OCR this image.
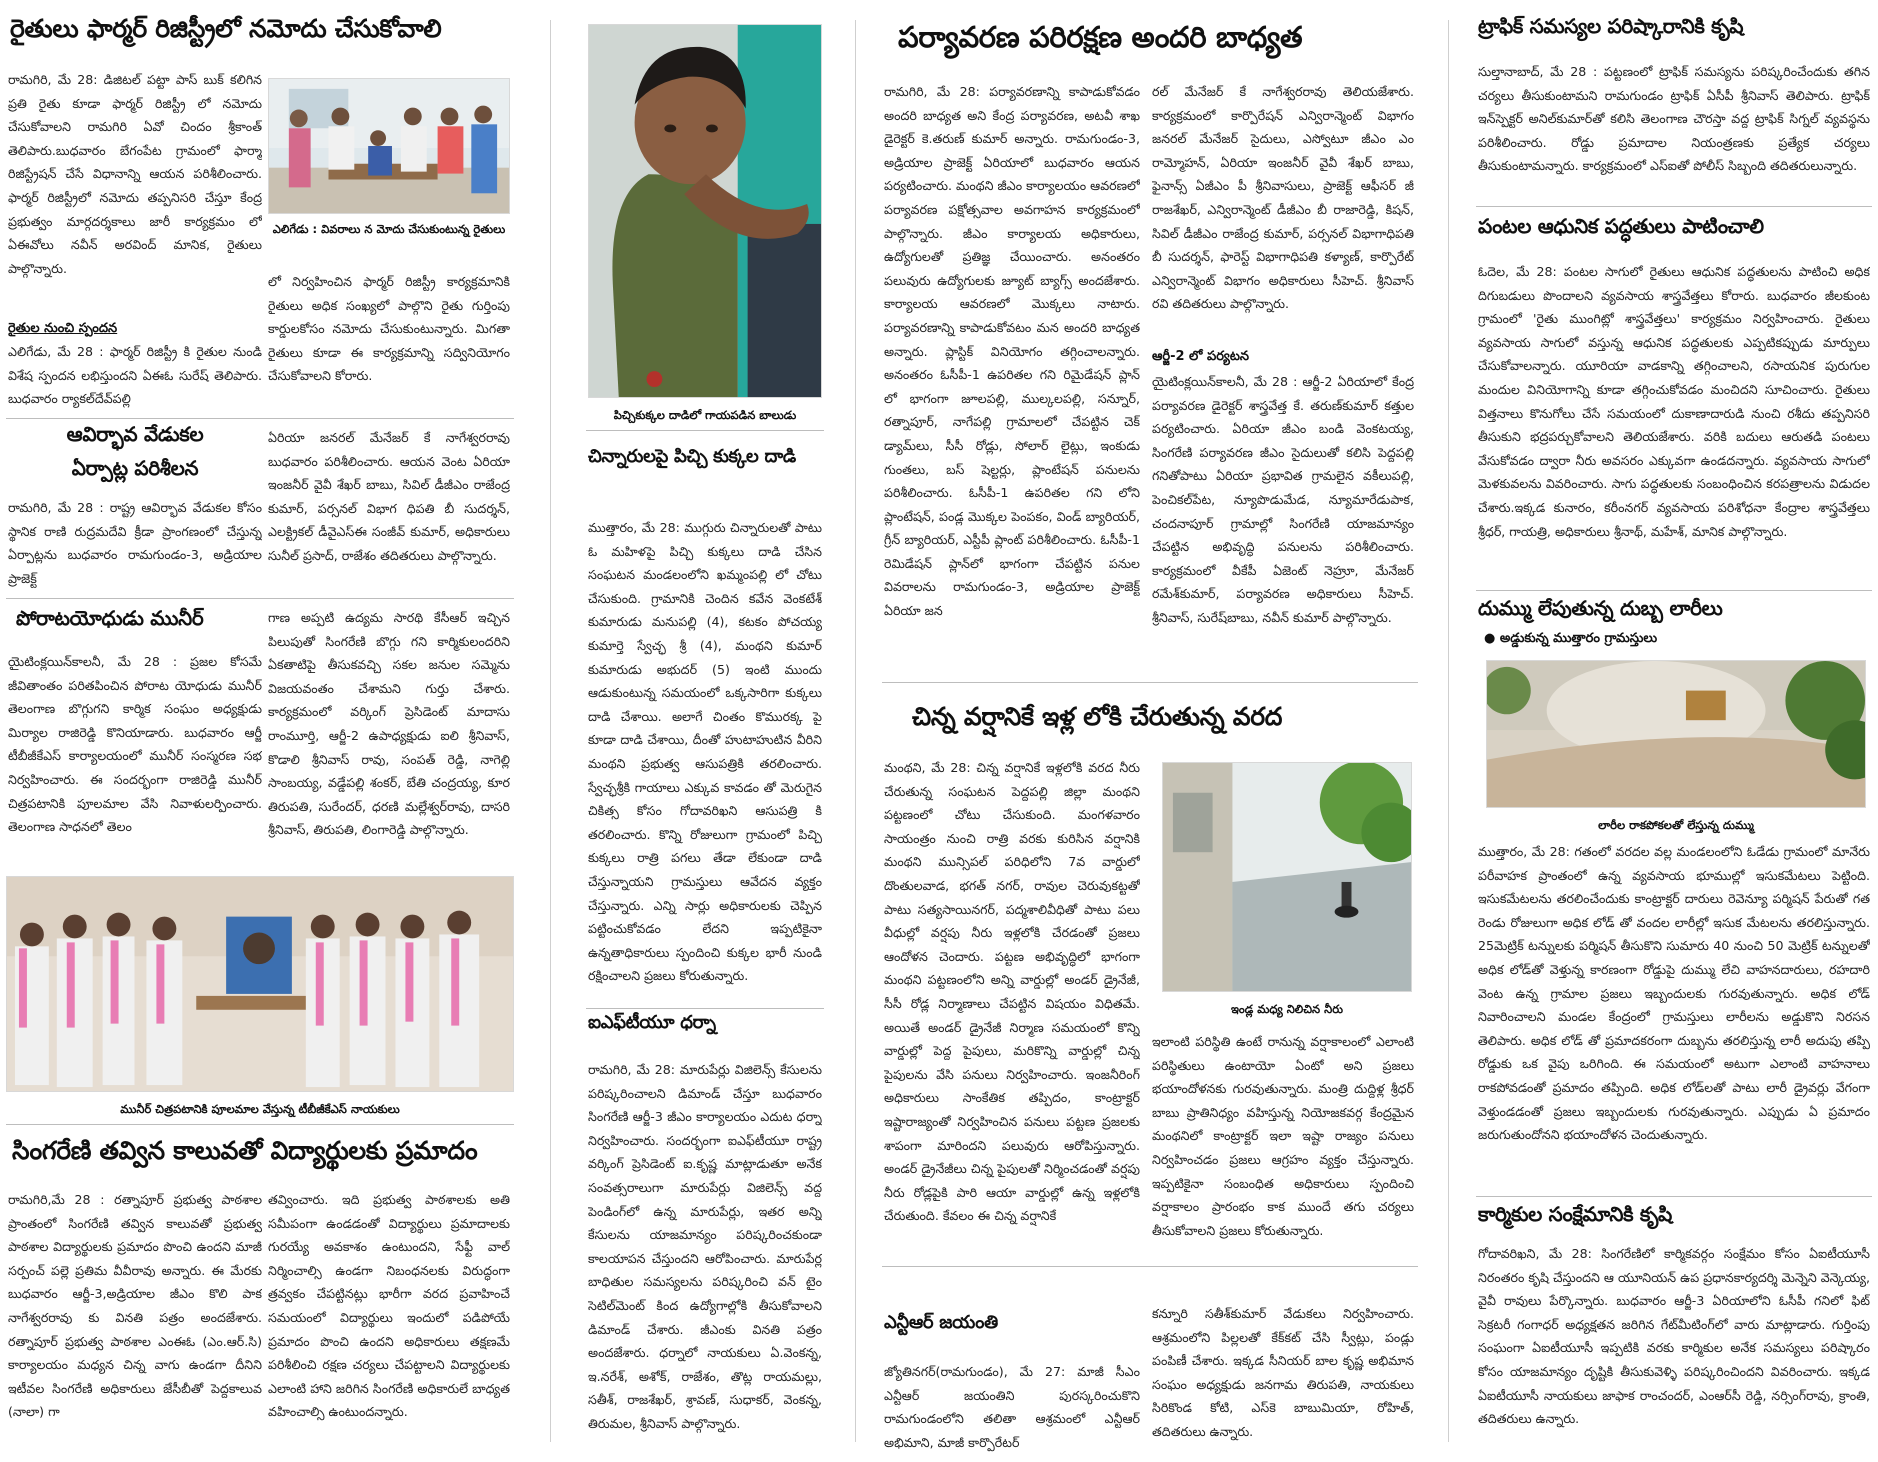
రైతులు ఫార్మర్ రిజిస్ట్రీలో నమోదు చేసుకోవాలి
రామగిరి, మే 28: డిజిటల్ పట్టా పాస్ బుక్ కలిగిన ప్రతి రైతు కూడా ఫార్మర్ రిజిస్ట్రీ లో నమోదు చేసుకోవాలని రామగిరి ఏవో చిందం శ్రీకాంత్ తెలిపారు.బుధవారం బేగంపేట గ్రామంలో ఫార్మా రిజిస్ట్రేషన్ చేసే విధానాన్ని ఆయన పరిశీలించారు. ఫార్మర్ రిజిస్ట్రీలో నమోదు తప్పనిసరి చేస్తూ కేంద్ర ప్రభుత్వం మార్గదర్శకాలు జారీ కార్యక్రమం లో ఏఈవోలు నవీన్ అరవింద్ మానిక, రైతులు పాల్గొన్నారు.
ఎలిగేడు : వివరాలు న మోదు చేసుకుంటున్న రైతులు
రైతుల నుంచి స్పందన
ఎలిగేడు, మే 28 : ఫార్మర్ రిజిస్ట్రీ కి రైతుల నుండి విశేష స్పందన లభిస్తుందని ఏఈఓ సురేష్ తెలిపారు. బుధవారం ర్యాకల్‌దేవ్‌పల్లి
లో నిర్వహించిన ఫార్మర్ రిజిస్ట్రీ కార్యక్రమానికి రైతులు అధిక సంఖ్యలో పాల్గొని రైతు గుర్తింపు కార్డులకోసం నమోదు చేసుకుంటున్నారు. మిగతా రైతులు కూడా ఈ కార్యక్రమాన్ని సద్వినియోగం చేసుకోవాలని కోరారు.
ఆవిర్భావ వేడుకల
ఏర్పాట్ల పరిశీలన
రామగిరి, మే 28 : రాష్ట్ర ఆవిర్భావ వేడుకల కోసం స్థానిక రాణి రుద్రమదేవి క్రీడా ప్రాంగణంలో చేస్తున్న ఏర్పాట్లను బుధవారం రామగుండం-3, అడ్రియాల ప్రాజెక్ట్
ఏరియా జనరల్ మేనేజర్ కే నాగేశ్వరరావు బుధవారం పరిశీలించారు. ఆయన వెంట ఏరియా ఇంజనీర్ వైవీ శేఖర్ బాబు, సివిల్ డీజీఎం రాజేంద్ర కుమార్, పర్సనల్ విభాగ ధిపతి బీ సుదర్శన్, ఎలక్ట్రికల్ డీవైఎస్ఈ సంజీవ్ కుమార్, అధికారులు సునీల్ ప్రసాద్, రాజేశం తదితరులు పాల్గొన్నారు.
పోరాటయోధుడు మునీర్
యైటింక్లయిన్‌కాలనీ, మే 28 : ప్రజల కోసమే జీవితాంతం పరితపించిన పోరాట యోధుడు మునీర్ తెలంగాణ బొగ్గుగని కార్మిక సంఘం అధ్యక్షుడు మిర్యాల రాజిరెడ్డి కొనియాడారు. బుధవారం ఆర్జీ టీబీజీకేఎస్ కార్యాలయంలో మునీర్ సంస్మరణ సభ నిర్వహించారు. ఈ సందర్భంగా రాజిరెడ్డి మునీర్ చిత్రపటానికి పూలమాల వేసి నివాళులర్పించారు. తెలంగాణ సాధనలో తెలం
గాణ అప్పటి ఉద్యమ సారథి కేసీఆర్ ఇచ్చిన పిలుపుతో సింగరేణి బొగ్గు గని కార్మికులందరిని ఏకతాటిపై తీసుకవచ్చి సకల జనుల సమ్మెను విజయవంతం చేశామని గుర్తు చేశారు. కార్యక్రమంలో వర్కింగ్ ప్రెసిడెంట్ మాదాసు రాంమూర్తి, ఆర్జీ-2 ఉపాధ్యక్షుడు ఐలి శ్రీనివాస్, కొడాలి శ్రీనివాస్ రావు, సంపత్ రెడ్డి, నాగెల్లి సాంబయ్య, వడ్డేపల్లి శంకర్, బేతి చంద్రయ్య, కూర తిరుపతి, సురేందర్, ధరణి మల్లేశ్వర్‌రావు, దాసరి శ్రీనివాస్, తిరుపతి, లింగారెడ్డి పాల్గొన్నారు.
మునీర్ చిత్రపటానికి పూలమాల వేస్తున్న టీబీజీకేఎస్ నాయకులు
సింగరేణి తవ్విన కాలువతో విద్యార్థులకు ప్రమాదం
రామగిరి,మే 28 : రత్నాపూర్ ప్రభుత్వ పాఠశాల ప్రాంతంలో సింగరేణి తవ్విన కాలువతో ప్రభుత్వ పాఠశాల విద్యార్థులకు ప్రమాదం పొంచి ఉందని మాజీ సర్పంచ్ పల్లె ప్రతిమ వీవీరావు అన్నారు. ఈ మేరకు బుధవారం ఆర్జీ-3,అడ్రియాల జీఎం కొలి పాక నాగేశ్వరరావు కు వినతి పత్రం అందజేశారు. రత్నాపూర్ ప్రభుత్వ పాఠశాల ఎంఈఓ (ఎం.ఆర్.సి) కార్యాలయం మధ్యన చిన్న వాగు ఉండగా దీనిని ఇటీవల సింగరేణి అధికారులు జేసీబీతో పెద్దకాలువ (నాలా) గా
తవ్వించారు. ఇది ప్రభుత్వ పాఠశాలకు అతి సమీపంగా ఉండడంతో విద్యార్థులు ప్రమాదాలకు గురయ్యే అవకాశం ఉంటుందని, సేఫ్టీ వాల్ నిర్మించాల్సి ఉండగా నిబంధనలకు విరుద్ధంగా త్రవ్వకం చేపట్టినట్లు భారీగా వరద ప్రవాహించే సమయంలో విద్యార్థులు ఇందులో పడిపోయే ప్రమాదం పొంచి ఉందని అధికారులు తక్షణమే పరిశీలించి రక్షణ చర్యలు చేపట్టాలని విద్యార్థులకు ఎలాంటి హాని జరిగిన సింగరేణి అధికారులే బాధ్యత వహించాల్సి ఉంటుందన్నారు.
పిచ్చికుక్కల దాడిలో గాయపడిన బాలుడు
చిన్నారులపై పిచ్చి కుక్కల దాడి
ముత్తారం, మే 28: ముగ్గురు చిన్నారులతో పాటు ఓ మహిళపై పిచ్చి కుక్కలు దాడి చేసిన సంఘటన మండలంలోని ఖమ్మంపల్లి లో చోటు చేసుకుంది. గ్రామానికి చెందిన కవేన వెంకటేశ్ కుమారుడు మనుపల్లి (4), కటకం పోచయ్య కుమార్తె స్వేచ్ఛ శ్రీ (4), మంథని కుమార్ కుమారుడు అభుదర్ (5) ఇంటి ముందు ఆడుకుంటున్న సమయంలో ఒక్కసారిగా కుక్కలు దాడి చేశాయి. అలాగే చింతం కొమురక్క పై కూడా దాడి చేశాయి, దీంతో హుటాహుటిన వీరిని మంథని ప్రభుత్వ ఆసుపత్రికి తరలించారు. స్వేచ్ఛశ్రీకి గాయాలు ఎక్కువ కావడం తో మెరుగైన చికిత్స కోసం గోదావరిఖని ఆసుపత్రి కి తరలించారు. కొన్ని రోజులుగా గ్రామంలో పిచ్చి కుక్కలు రాత్రి పగలు తేడా లేకుండా దాడి చేస్తున్నాయని గ్రామస్తులు ఆవేదన వ్యక్తం చేస్తున్నారు. ఎన్ని సార్లు అధికారులకు చెప్పిన పట్టించుకోవడం లేదని ఇప్పటికైనా ఉన్నతాధికారులు స్పందించి కుక్కల భారీ నుండి రక్షించాలని ప్రజలు కోరుతున్నారు.
ఐఎఫ్‌టీయూ ధర్నా
రామగిరి, మే 28: మారుపేర్లు విజిలెన్స్ కేసులను పరిష్కరించాలని డిమాండ్ చేస్తూ బుధవారం సింగరేణి ఆర్జీ-3 జీఎం కార్యాలయం ఎదుట ధర్నా నిర్వహించారు. సందర్భంగా ఐఎఫ్‌టీయూ రాష్ట్ర వర్కింగ్ ప్రెసిడెంట్ ఐ.కృష్ణ మాట్లాడుతూ అనేక సంవత్సరాలుగా మారుపేర్లు విజిలెన్స్ వద్ద పెండింగ్‌లో ఉన్న మారుపేర్లు, ఇతర అన్ని కేసులను యాజమాన్యం పరిష్కరించకుండా కాలయాపన చేస్తుందని ఆరోపించారు. మారుపేర్ల బాధితుల సమస్యలను పరిష్కరించి వన్ టైం సెటిల్‌మెంట్ కింద ఉద్యోగాల్లోకి తీసుకోవాలని డిమాండ్ చేశారు. జీఎంకు వినతి పత్రం అందజేశారు. ధర్నాలో నాయకులు ఏ.వెంకన్న, ఇ.నరేశ్, అశోక్, రాజేశం, తొట్ల రాయమల్లు, సతీశ్, రాజశేఖర్, శ్రావణ్, సుధాకర్, వెంకన్న, తిరుమల, శ్రీనివాస్ పాల్గొన్నారు.
పర్యావరణ పరిరక్షణ అందరి బాధ్యత
రామగిరి, మే 28: పర్యావరణాన్ని కాపాడుకోవడం అందరి బాధ్యత అని కేంద్ర పర్యావరణ, అటవీ శాఖ డైరెక్టర్ కె.తరుణ్ కుమార్ అన్నారు. రామగుండం-3, అడ్రియాల ప్రాజెక్ట్ ఏరియాలో బుధవారం ఆయన పర్యటించారు. మంథని జీఎం కార్యాలయం ఆవరణలో పర్యావరణ పక్షోత్సవాల అవగాహన కార్యక్రమంలో పాల్గొన్నారు. జీఎం కార్యాలయ అధికారులు, ఉద్యోగులతో ప్రతిజ్ఞ చేయించారు. అనంతరం పలువురు ఉద్యోగులకు జ్యూట్ బ్యాగ్స్ అందజేశారు. కార్యాలయ ఆవరణలో మొక్కలు నాటారు. పర్యావరణాన్ని కాపాడుకోవటం మన అందరి బాధ్యత అన్నారు. ప్లాస్టిక్ వినియోగం తగ్గించాలన్నారు. అనంతరం ఓసీపీ-1 ఉపరితల గని రిమైడేషన్ ప్లాన్ లో భాగంగా జూలపల్లి, ముల్కలపల్లి, సన్నూర్, రత్నాపూర్, నాగేపల్లి గ్రామాలలో చేపట్టిన చెక్ డ్యామ్‌లు, సీసీ రోడ్లు, సోలార్ లైట్లు, ఇంకుడు గుంతలు, బస్ షెల్టర్లు, ప్లాంటేషన్ పనులను పరిశీలించారు. ఓసీపీ-1 ఉపరితల గని లోని ప్లాంటేషన్, పండ్ల మొక్కల పెంపకం, విండ్ బ్యారియర్, గ్రీన్ బ్యారియర్, ఎస్టీపీ ప్లాంట్ పరిశీలించారు. ఓసీపీ-1 రెమిడేషన్ ప్లాన్‌లో భాగంగా చేపట్టిన పనుల వివరాలను రామగుండం-3, అడ్రియాల ప్రాజెక్ట్ ఏరియా జన
రల్ మేనేజర్ కే నాగేశ్వరరావు తెలియజేశారు. కార్యక్రమంలో కార్పొరేషన్ ఎన్విరాన్మెంట్ విభాగం జనరల్ మేనేజర్ సైదులు, ఎస్వోటూ జీఎం ఎం రామ్మోహన్, ఏరియా ఇంజనీర్ వైవీ శేఖర్ బాబు, ఫైనాన్స్ ఏజీఎం పీ శ్రీనివాసులు, ప్రాజెక్ట్ ఆఫీసర్ జీ రాజశేఖర్, ఎన్విరాన్మెంట్ డీజీఎం బీ రాజారెడ్డి, కిషన్, సివిల్ డీజీఎం రాజేంద్ర కుమార్, పర్సనల్ విభాగాధిపతి బీ సుదర్శన్, ఫారెస్ట్ విభాగాధిపతి కళ్యాణ్, కార్పొరేట్ ఎన్విరాన్మెంట్ విభాగం అధికారులు సీహెచ్. శ్రీనివాస్ రవి తదితరులు పాల్గొన్నారు.
ఆర్జీ-2 లో పర్యటన
యైటింక్లయిన్‌కాలనీ, మే 28 : ఆర్జీ-2 ఏరియాలో కేంద్ర పర్యావరణ డైరెక్టర్ శాస్త్రవేత్త కే. తరుణ్‌కుమార్ కత్తుల పర్యటించారు. ఏరియా జీఎం బండి వెంకటయ్య, సింగరేణి పర్యావరణ జీఎం సైదులుతో కలిసి పెద్దపల్లి గనితోపాటు ఏరియా ప్రభావిత గ్రామలైన వకీలుపల్లి, పెంచికల్‌పేట, న్యూపొడుమేడ, న్యూమారేడుపాక, చందనాపూర్ గ్రామాల్లో సింగరేణి యాజమాన్యం చేపట్టిన అభివృద్ధి పనులను పరిశీలించారు. కార్యక్రమంలో వీకేపీ ఏజెంట్ నెహ్రూ, మేనేజర్ రమేశ్‌కుమార్, పర్యావరణ అధికారులు సీహెచ్. శ్రీనివాస్, సురేష్‌బాబు, నవీన్ కుమార్ పాల్గొన్నారు.
చిన్న వర్షానికే ఇళ్ల లోకి చేరుతున్న వరద
మంథని, మే 28: చిన్న వర్షానికే ఇళ్లలోకి వరద నీరు చేరుతున్న సంఘటన పెద్దపల్లి జిల్లా మంథని పట్టణంలో చోటు చేసుకుంది. మంగళవారం సాయంత్రం నుంచి రాత్రి వరకు కురిసిన వర్షానికి మంథని మున్సిపల్ పరిధిలోని 7వ వార్డులో దొంతులవాడ, భగత్ నగర్, రావుల చెరువుకట్టతో పాటు సత్యసాయినగర్, పద్మశాలివీధితో పాటు పలు వీధుల్లో వర్షపు నీరు ఇళ్లలోకి చేరడంతో ప్రజలు ఆందోళన చెందారు. పట్టణ అభివృద్ధిలో భాగంగా మంథని పట్టణంలోని అన్ని వార్డుల్లో అండర్ డ్రైనేజీ, సీసీ రోడ్ల నిర్మాణాలు చేపట్టిన విషయం విధితమే. అయితే అండర్ డ్రైనేజీ నిర్మాణ సమయంలో కొన్ని వార్డుల్లో పెద్ద పైపులు, మరికొన్ని వార్డుల్లో చిన్న పైపులను వేసి పనులు నిర్వహించారు. ఇంజనీరింగ్ అధికారులు సాంకేతిక తప్పిదం, కాంట్రాక్టర్ ఇష్టారాజ్యంతో నిర్వహించిన పనులు పట్టణ ప్రజలకు శాపంగా మారిందని పలువురు ఆరోపిస్తున్నారు. అండర్ డ్రైనేజీలు చిన్న పైపులతో నిర్మించడంతో వర్షపు నీరు రోడ్లపైకి పారి ఆయా వార్డుల్లో ఉన్న ఇళ్లలోకి చేరుతుంది. కేవలం ఈ చిన్న వర్షానికే
ఇండ్ల మధ్య నిలిచిన నీరు
ఇలాంటి పరిస్థితి ఉంటే రానున్న వర్షాకాలంలో ఎలాంటి పరిస్థితులు ఉంటాయో ఏంటో అని ప్రజలు భయాందోళనకు గురవుతున్నారు. మంత్రి దుద్దిళ్ల శ్రీధర్ బాబు ప్రాతినిధ్యం వహిస్తున్న నియోజకవర్గ కేంద్రమైన మంథనిలో కాంట్రాక్టర్ ఇలా ఇష్టా రాజ్యం పనులు నిర్వహించడం ప్రజలు ఆగ్రహం వ్యక్తం చేస్తున్నారు. ఇప్పటికైనా సంబంధిత అధికారులు స్పందించి వర్షాకాలం ప్రారంభం కాక ముందే తగు చర్యలు తీసుకోవాలని ప్రజలు కోరుతున్నారు.
ఎన్టీఆర్ జయంతి
జ్యోతినగర్(రామగుండం), మే 27: మాజీ సీఎం ఎన్టీఆర్ జయంతిని పురస్కరించుకొని రామగుండంలోని తలితా ఆశ్రమంలో ఎన్టీఆర్ అభిమాని, మాజీ కార్పొరేటర్
కన్నూరి సతీశ్‌కుమార్ వేడుకలు నిర్వహించారు. ఆశ్రమంలోని పిల్లలతో కేక్‌కట్ చేసి స్వీట్లు, పండ్లు పంపిణీ చేశారు. ఇక్కడ సీనియర్ బాల కృష్ణ అభిమాన సంఘం అధ్యక్షుడు జనగామ తిరుపతి, నాయకులు సిరికొండ కోటి, ఎస్‌కె బాబుమియా, రోహిత్, తదితరులు ఉన్నారు.
ట్రాఫిక్ సమస్యల పరిష్కారానికి కృషి
సుల్తానాబాద్, మే 28 : పట్టణంలో ట్రాఫిక్ సమస్యను పరిష్కరించేందుకు తగిన చర్యలు తీసుకుంటామని రామగుండం ట్రాఫిక్ ఏసీపీ శ్రీనివాస్ తెలిపారు. ట్రాఫిక్ ఇన్‌స్పెక్టర్ అనిల్‌కుమార్‌తో కలిసి తెలంగాణ చౌరస్తా వద్ద ట్రాఫిక్ సిగ్నల్ వ్యవస్థను పరిశీలించారు. రోడ్డు ప్రమాదాల నియంత్రణకు ప్రత్యేక చర్యలు తీసుకుంటామన్నారు. కార్యక్రమంలో ఎస్ఐతో పోలీస్ సిబ్బంది తదితరులున్నారు.
పంటల ఆధునిక పద్ధతులు పాటించాలి
ఓదెల, మే 28: పంటల సాగులో రైతులు ఆధునిక పద్ధతులను పాటించి అధిక దిగుబడులు పొందాలని వ్యవసాయ శాస్త్రవేత్తలు కోరారు. బుధవారం జీలకుంట గ్రామంలో 'రైతు ముంగిట్లో శాస్త్రవేత్తలు' కార్యక్రమం నిర్వహించారు. రైతులు వ్యవసాయ సాగులో వస్తున్న ఆధునిక పద్ధతులకు ఎప్పటికప్పుడు మార్పులు చేసుకోవాలన్నారు. యూరియా వాడకాన్ని తగ్గించాలని, రసాయనిక పురుగుల మందుల వినియోగాన్ని కూడా తగ్గించుకోవడం మంచిదని సూచించారు. రైతులు విత్తనాలు కొనుగోలు చేసే సమయంలో దుకాణాదారుడి నుంచి రశీదు తప్పనిసరి తీసుకుని భద్రపర్చుకోవాలని తెలియజేశారు. వరికి బదులు ఆరుతడి పంటలు వేసుకోవడం ద్వారా నీరు అవసరం ఎక్కువగా ఉండదన్నారు. వ్యవసాయ సాగులో మెళకువలను వివరించారు. సాగు పద్ధతులకు సంబంధించిన కరపత్రాలను విడుదల చేశారు.ఇక్కడ కునారం, కరీంనగర్ వ్యవసాయ పరిశోధనా కేంద్రాల శాస్త్రవేత్తలు శ్రీధర్, గాయత్రి, అధికారులు శ్రీనాథ్, మహేశ్, మానిక పాల్గొన్నారు.
దుమ్ము లేపుతున్న దుబ్బ లారీలు
● అడ్డుకున్న ముత్తారం గ్రామస్తులు
లారీల రాకపోకలతో లేస్తున్న దుమ్ము
ముత్తారం, మే 28: గతంలో వరదల వల్ల మండలంలోని ఓడేడు గ్రామంలో మానేరు పరీవాహక ప్రాంతంలో ఉన్న వ్యవసాయ భూముల్లో ఇసుకమేటలు పెట్టింది. ఇసుకమేటలను తరలించేందుకు కాంట్రాక్టర్ దారులు రెవెన్యూ పర్మిషన్ పేరుతో గత రెండు రోజులుగా అధిక లోడ్ తో వందల లారీల్లో ఇసుక మేటలను తరలిస్తున్నారు. 25మెట్రిక్ టన్నులకు పర్మిషన్ తీసుకొని సుమారు 40 నుంచి 50 మెట్రిక్ టన్నులతో అధిక లోడ్‌తో వెళ్తున్న కారణంగా రోడ్డుపై దుమ్ము లేచి వాహనదారులు, రహదారి వెంట ఉన్న గ్రామాల ప్రజలు ఇబ్బందులకు గురవుతున్నారు. అధిక లోడ్ నివారించాలని మండల కేంద్రంలో గ్రామస్తులు లారీలను అడ్డుకొని నిరసన తెలిపారు. అధిక లోడ్ తో ప్రమాదకరంగా దుబ్బను తరలిస్తున్న లారీ అదుపు తప్పి రోడ్డుకు ఒక వైపు ఒరిగింది. ఈ సమయంలో అటుగా ఎలాంటి వాహనాలు రాకపోవడంతో ప్రమాదం తప్పింది. అధిక లోడ్‌లతో పాటు లారీ డ్రైవర్లు వేగంగా వెళ్తుండడంతో ప్రజలు ఇబ్బందులకు గురవుతున్నారు. ఎప్పుడు ఏ ప్రమాదం జరుగుతుందోనని భయాందోళన చెందుతున్నారు.
కార్మికుల సంక్షేమానికి కృషి
గోదావరిఖని, మే 28: సింగరేణిలో కార్మికవర్గం సంక్షేమం కోసం ఏఐటీయూసీ నిరంతరం కృషి చేస్తుందని ఆ యూనియన్ ఉప ప్రధానకార్యదర్శి మెన్నెని వెన్కెయ్య, వైవీ రావులు పేర్కొన్నారు. బుధవారం ఆర్జీ-3 ఏరియాలోని ఓసీపీ గనిలో ఫిట్ సెక్రటరీ గంగాధర్ అధ్యక్షతన జరిగిన గేట్‌మీటింగ్‌లో వారు మాట్లాడారు. గుర్తింపు సంఘంగా ఏఐటీయూసీ ఇప్పటికి వరకు కార్మికుల అనేక సమస్యలు పరిష్కారం కోసం యాజమాన్యం దృష్టికి తీసుకువెళ్ళి పరిష్కరించిందని వివరించారు. ఇక్కడ ఏఐటీయూసీ నాయకులు జాఫాక రాంచందర్, ఎంఆర్‌సీ రెడ్డి, నర్సింగ్‌రావు, క్రాంతి, తదితరులు ఉన్నారు.
